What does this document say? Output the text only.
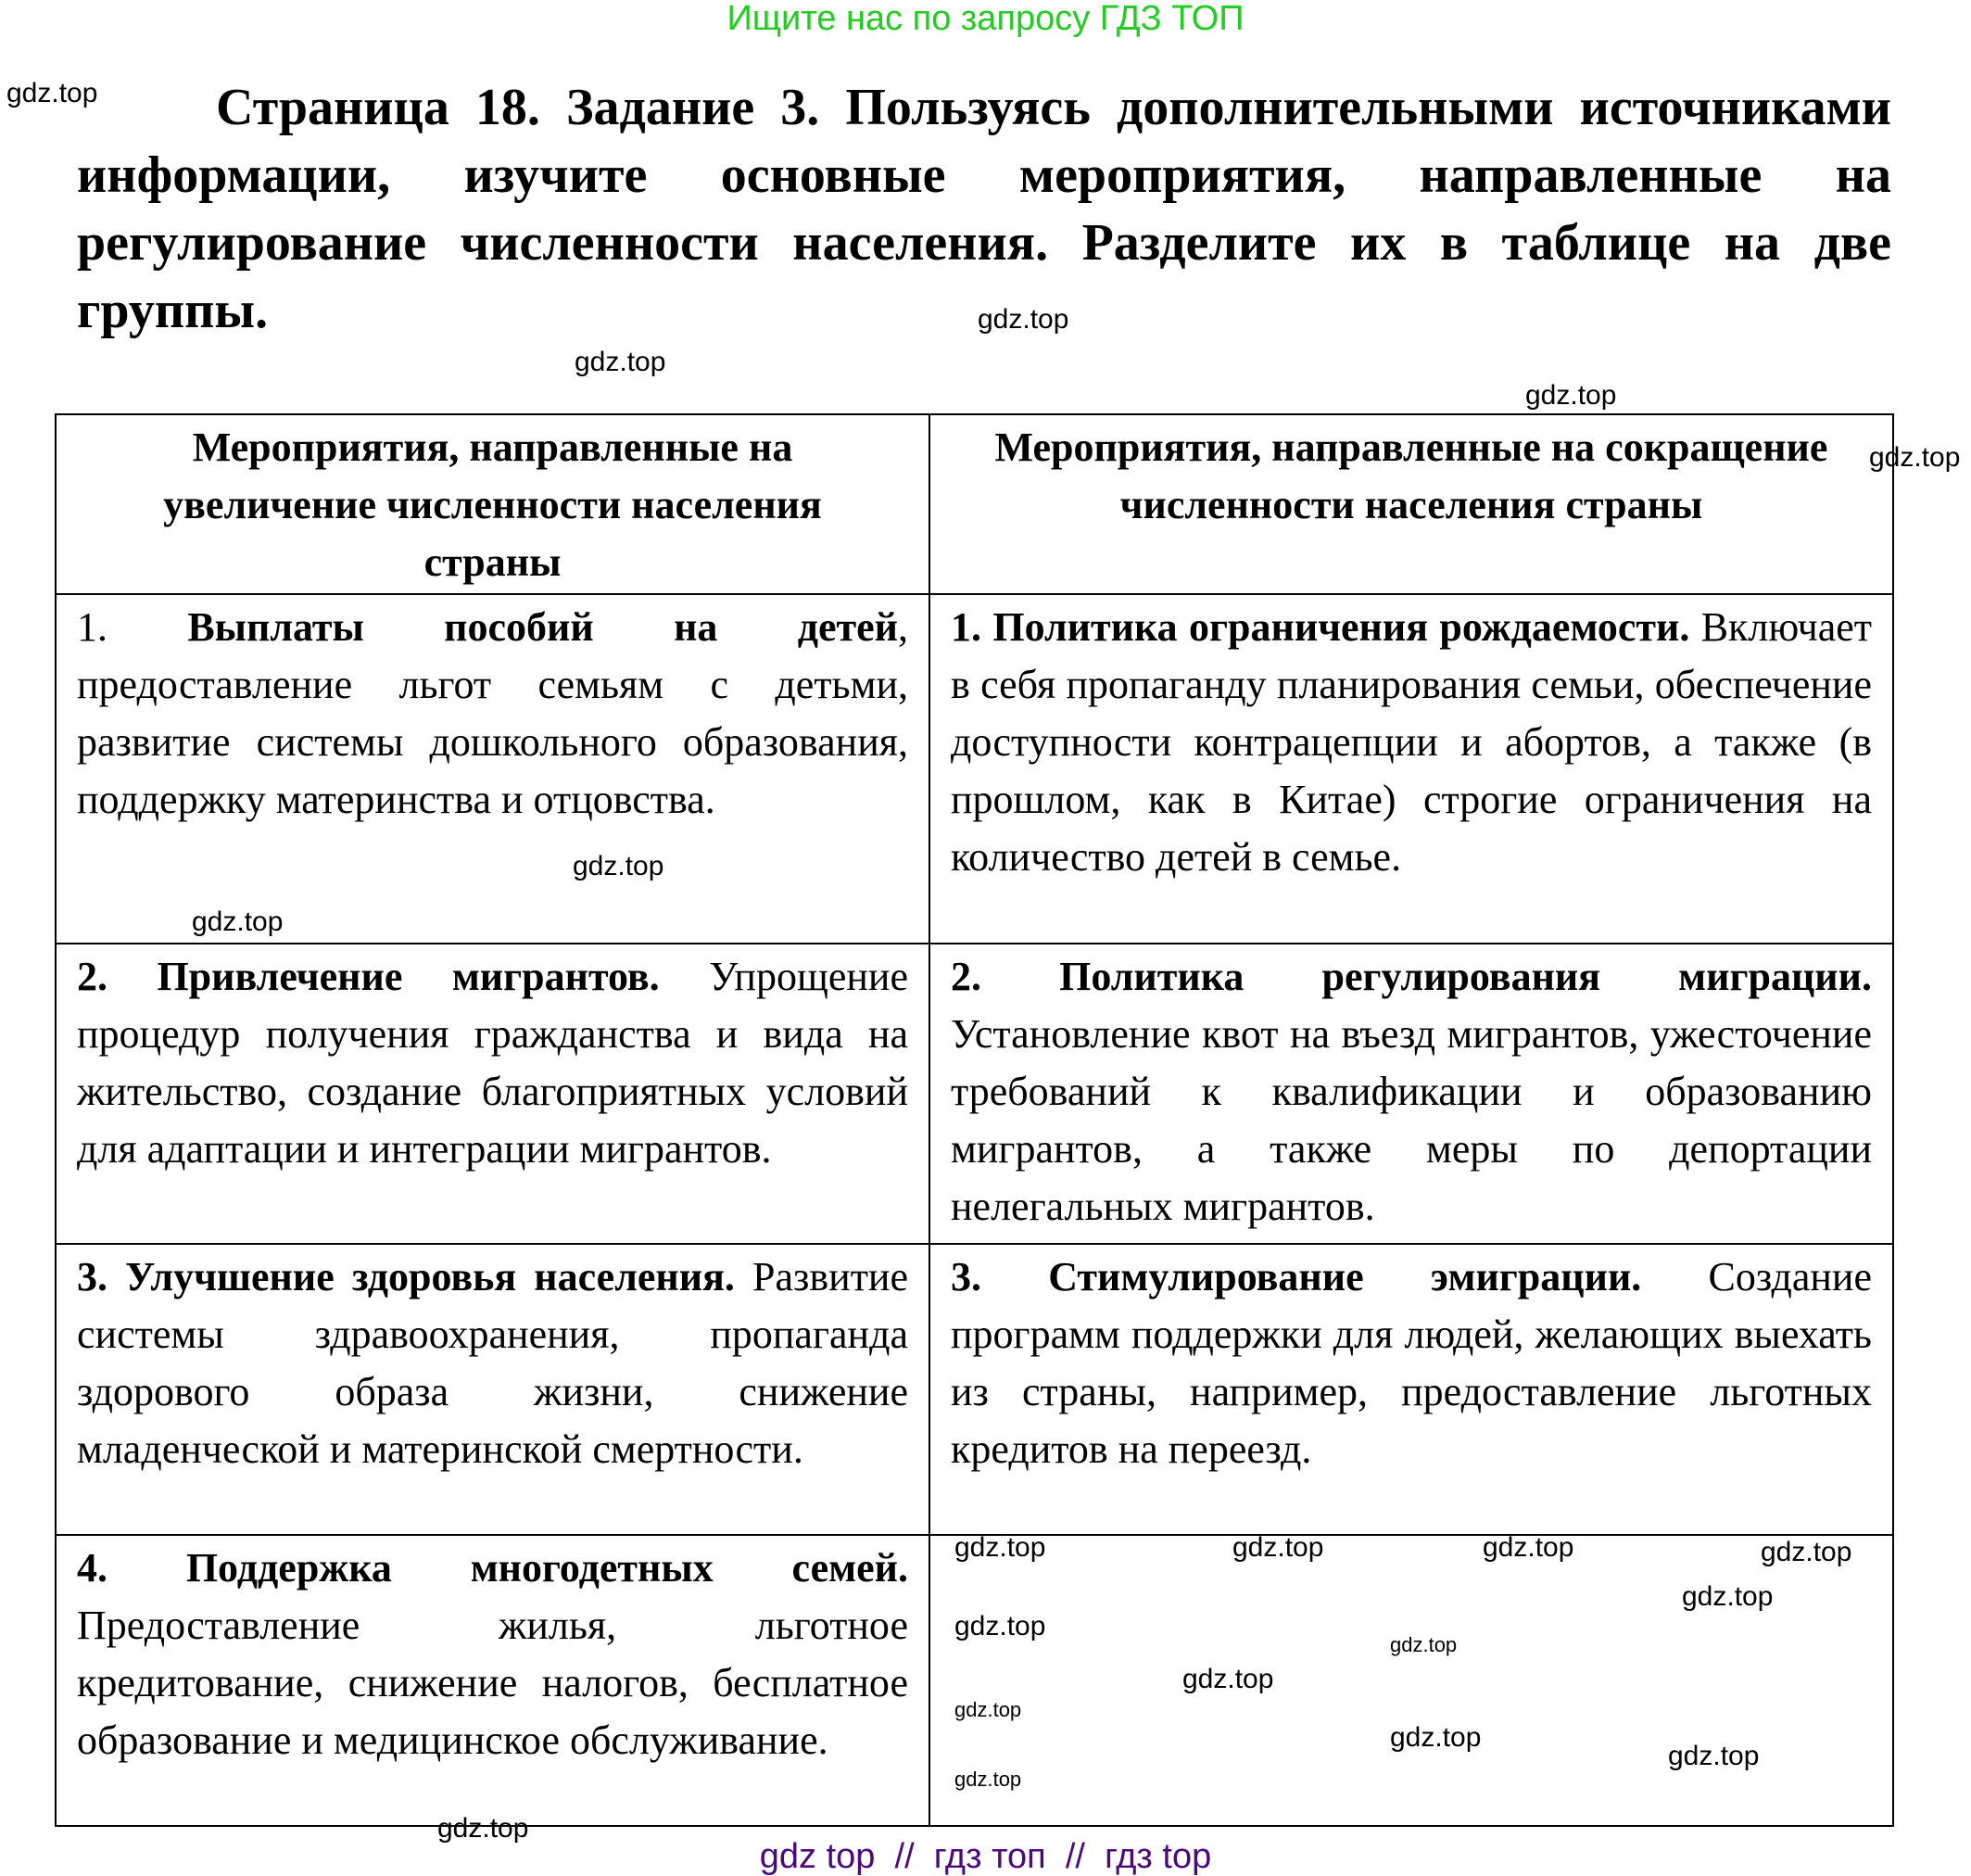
Ищите нас по запросу ГДЗ ТОП
Страница 18. Задание 3. Пользуясь дополнительными источниками информации, изучите основные мероприятия, направленные на регулирование численности населения. Разделите их в таблице на две группы.
Мероприятия, направленные на увеличение численности населения страны	Мероприятия, направленные на сокращение численности населения страны
1. Выплаты пособий на детей, предоставление льгот семьям с детьми, развитие системы дошкольного образования, поддержку материнства и отцовства.	1. Политика ограничения рождаемости. Включает в себя пропаганду планирования семьи, обеспечение доступности контрацепции и абортов, а также (в прошлом, как в Китае) строгие ограничения на количество детей в семье.
2. Привлечение мигрантов. Упрощение процедур получения гражданства и вида на жительство, создание благоприятных условий для адаптации и интеграции мигрантов.	2. Политика регулирования миграции. Установление квот на въезд мигрантов, ужесточение требований к квалификации и образованию мигрантов, а также меры по депортации нелегальных мигрантов.
3. Улучшение здоровья населения. Развитие системы здравоохранения, пропаганда здорового образа жизни, снижение младенческой и материнской смертности.	3. Стимулирование эмиграции. Создание программ поддержки для людей, желающих выехать из страны, например, предоставление льготных кредитов на переезд.
4. Поддержка многодетных семей. Предоставление жилья, льготное кредитование, снижение налогов, бесплатное образование и медицинское обслуживание.	
gdz.top
gdz.top
gdz.top
gdz.top
gdz.top
gdz.top
gdz.top
gdz.top
gdz.top
gdz.top
gdz.top	gdz.top	gdz.top	gdz.top
gdz.top
gdz.top
gdz.top
gdz.top
gdz.top
gdz.top
gdz top  //  гдз топ  //  гдз top
